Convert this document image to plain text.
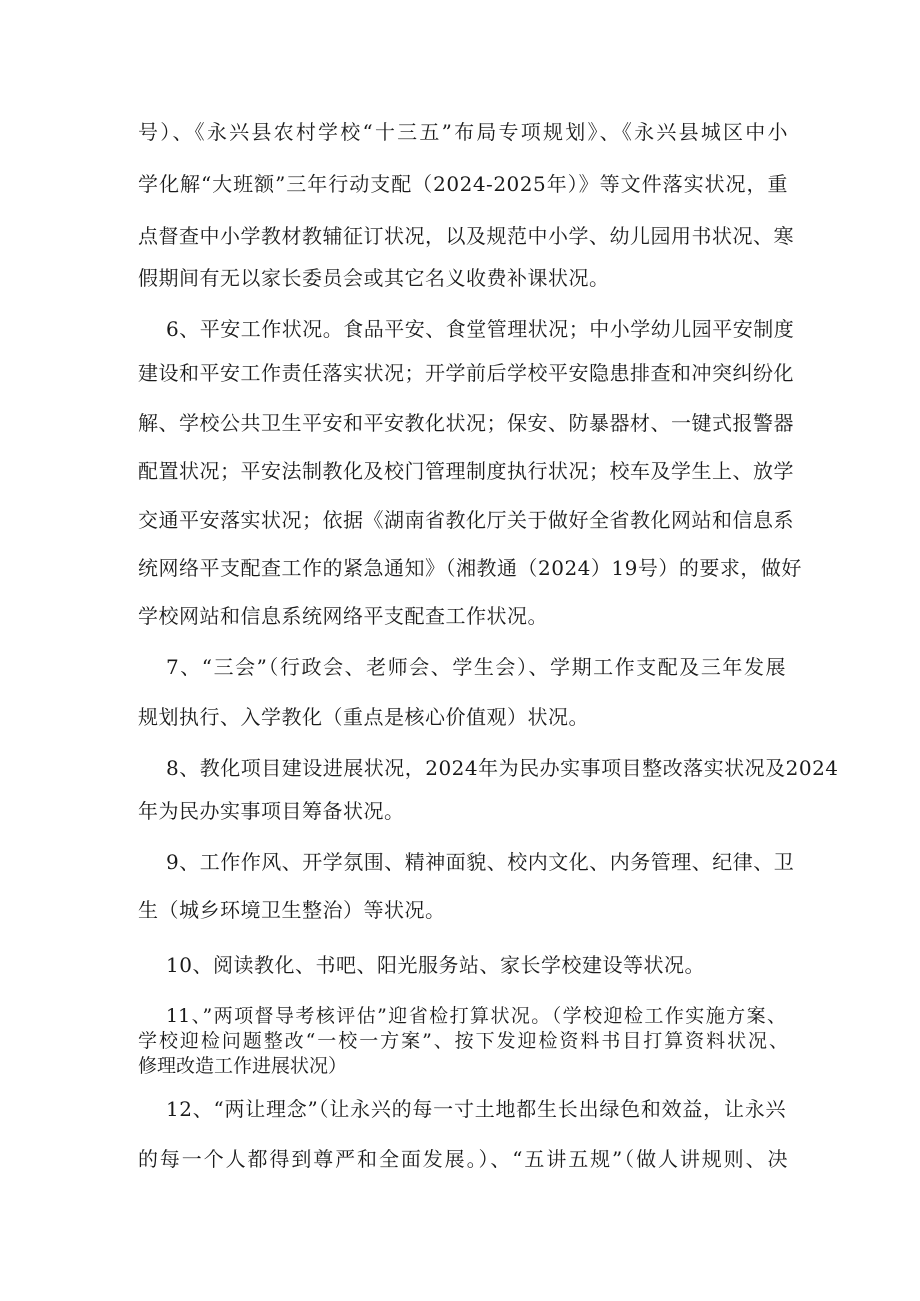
号）、《永兴县农村学校“十三五”布局专项规划》、《永兴县城区中小
学化解“大班额”三年行动支配（2024-2025年）》等文件落实状况，重
点督查中小学教材教辅征订状况，以及规范中小学、幼儿园用书状况、寒
假期间有无以家长委员会或其它名义收费补课状况。
6、平安工作状况。食品平安、食堂管理状况；中小学幼儿园平安制度
建设和平安工作责任落实状况；开学前后学校平安隐患排查和冲突纠纷化
解、学校公共卫生平安和平安教化状况；保安、防暴器材、一键式报警器
配置状况；平安法制教化及校门管理制度执行状况；校车及学生上、放学
交通平安落实状况；依据《湖南省教化厅关于做好全省教化网站和信息系
统网络平支配查工作的紧急通知》（湘教通（2024）19号）的要求，做好
学校网站和信息系统网络平支配查工作状况。
7、“三会”（行政会、老师会、学生会）、学期工作支配及三年发展
规划执行、入学教化（重点是核心价值观）状况。
8、教化项目建设进展状况，2024年为民办实事项目整改落实状况及2024
年为民办实事项目筹备状况。
9、工作作风、开学氛围、精神面貌、校内文化、内务管理、纪律、卫
生（城乡环境卫生整治）等状况。
10、阅读教化、书吧、阳光服务站、家长学校建设等状况。
11、”两项督导考核评估”迎省检打算状况。（学校迎检工作实施方案、
学校迎检问题整改“一校一方案”、按下发迎检资料书目打算资料状况、
修理改造工作进展状况）
12、“两让理念”（让永兴的每一寸土地都生长出绿色和效益，让永兴
的每一个人都得到尊严和全面发展。）、“五讲五规”（做人讲规则、决
